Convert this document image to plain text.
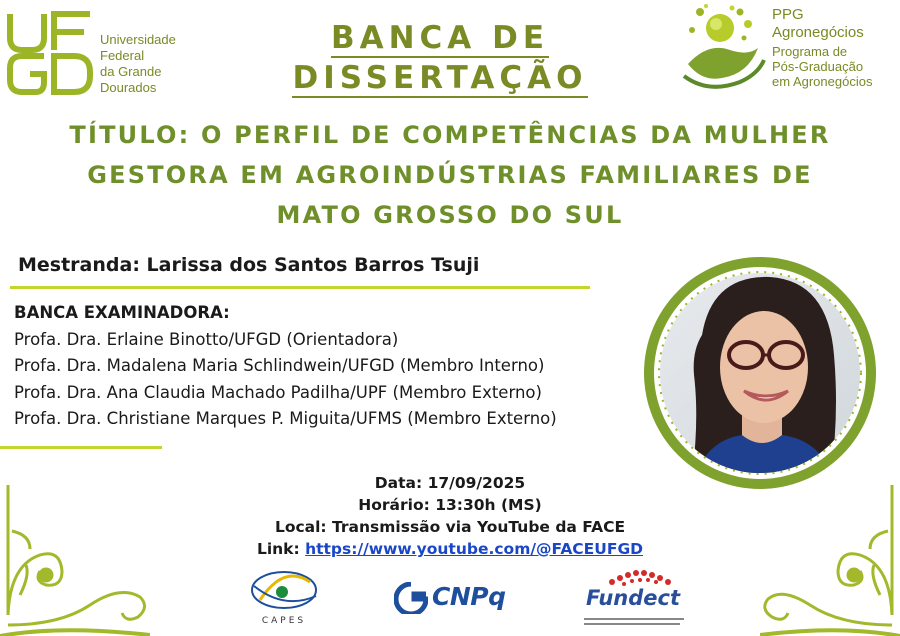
Universidade
Federal
da Grande
Dourados
PPG
Agronegócios
Programa de
Pós-Graduação
em Agronegócios
BANCA DE
DISSERTAÇÃO
TÍTULO: O PERFIL DE COMPETÊNCIAS DA MULHER
GESTORA EM AGROINDÚSTRIAS FAMILIARES DE
MATO GROSSO DO SUL
Mestranda: Larissa dos Santos Barros Tsuji
BANCA EXAMINADORA:
Profa. Dra. Erlaine Binotto/UFGD (Orientadora)
Profa. Dra. Madalena Maria Schlindwein/UFGD (Membro Interno)
Profa. Dra. Ana Claudia Machado Padilha/UPF (Membro Externo)
Profa. Dra. Christiane Marques P. Miguita/UFMS (Membro Externo)
Data: 17/09/2025
Horário: 13:30h (MS)
Local: Transmissão via YouTube da FACE
Link: https://www.youtube.com/@FACEUFGD
CAPES
CNPq	Fundect
